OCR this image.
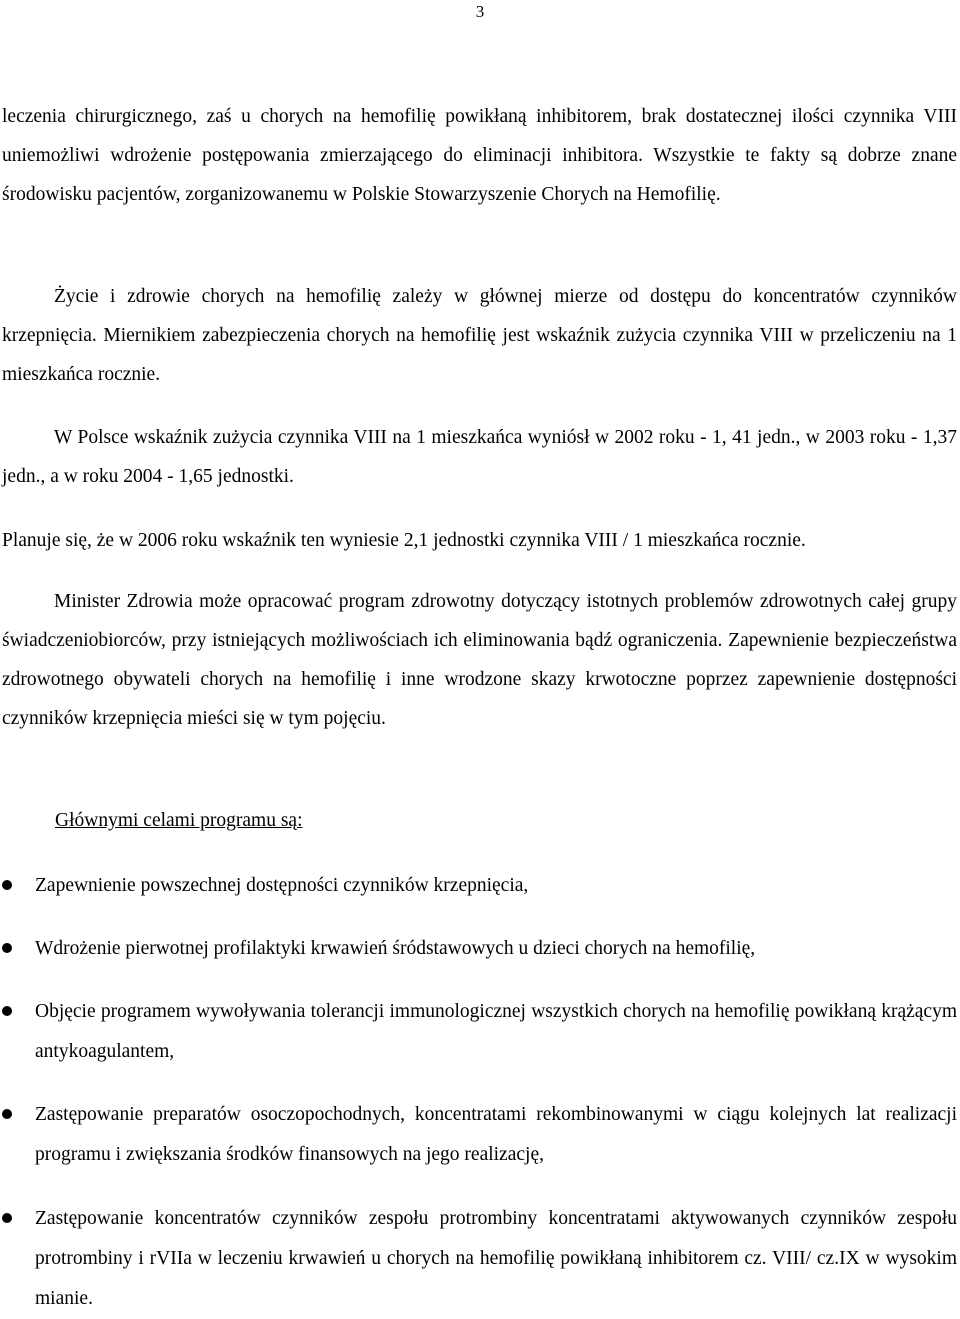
3

leczenia chirurgicznego, zaś u chorych na hemofilię powikłaną inhibitorem, brak dostatecznej ilości czynnika VIII uniemożliwi wdrożenie postępowania zmierzającego do eliminacji inhibitora. Wszystkie te fakty są dobrze znane środowisku pacjentów, zorganizowanemu w Polskie Stowarzyszenie Chorych na Hemofilię.

Życie i zdrowie chorych na hemofilię zależy w głównej mierze od dostępu do koncentratów czynników krzepnięcia. Miernikiem zabezpieczenia chorych na hemofilię jest wskaźnik zużycia czynnika VIII w przeliczeniu na 1 mieszkańca rocznie.

W Polsce wskaźnik zużycia czynnika VIII na 1 mieszkańca wyniósł w 2002 roku - 1, 41 jedn., w 2003 roku - 1,37 jedn., a w roku 2004 - 1,65 jednostki.

Planuje się, że w 2006 roku wskaźnik ten wyniesie 2,1 jednostki czynnika VIII / 1 mieszkańca rocznie.

Minister Zdrowia może opracować program zdrowotny dotyczący istotnych problemów zdrowotnych całej grupy świadczeniobiorców, przy istniejących możliwościach ich eliminowania bądź ograniczenia. Zapewnienie bezpieczeństwa zdrowotnego obywateli chorych na hemofilię i inne wrodzone skazy krwotoczne poprzez zapewnienie dostępności czynników krzepnięcia mieści się w tym pojęciu.

Głównymi celami programu są:

Zapewnienie powszechnej dostępności czynników krzepnięcia,

Wdrożenie pierwotnej profilaktyki krwawień śródstawowych u dzieci chorych na hemofilię,

Objęcie programem wywoływania tolerancji immunologicznej wszystkich chorych na hemofilię powikłaną krążącym antykoagulantem,

Zastępowanie preparatów osoczopochodnych, koncentratami rekombinowanymi w ciągu kolejnych lat realizacji programu i zwiększania środków finansowych na jego realizację,

Zastępowanie koncentratów czynników zespołu protrombiny koncentratami aktywowanych czynników zespołu protrombiny i rVIIa w leczeniu krwawień u chorych na hemofilię powikłaną inhibitorem cz. VIII/ cz.IX w wysokim mianie.
